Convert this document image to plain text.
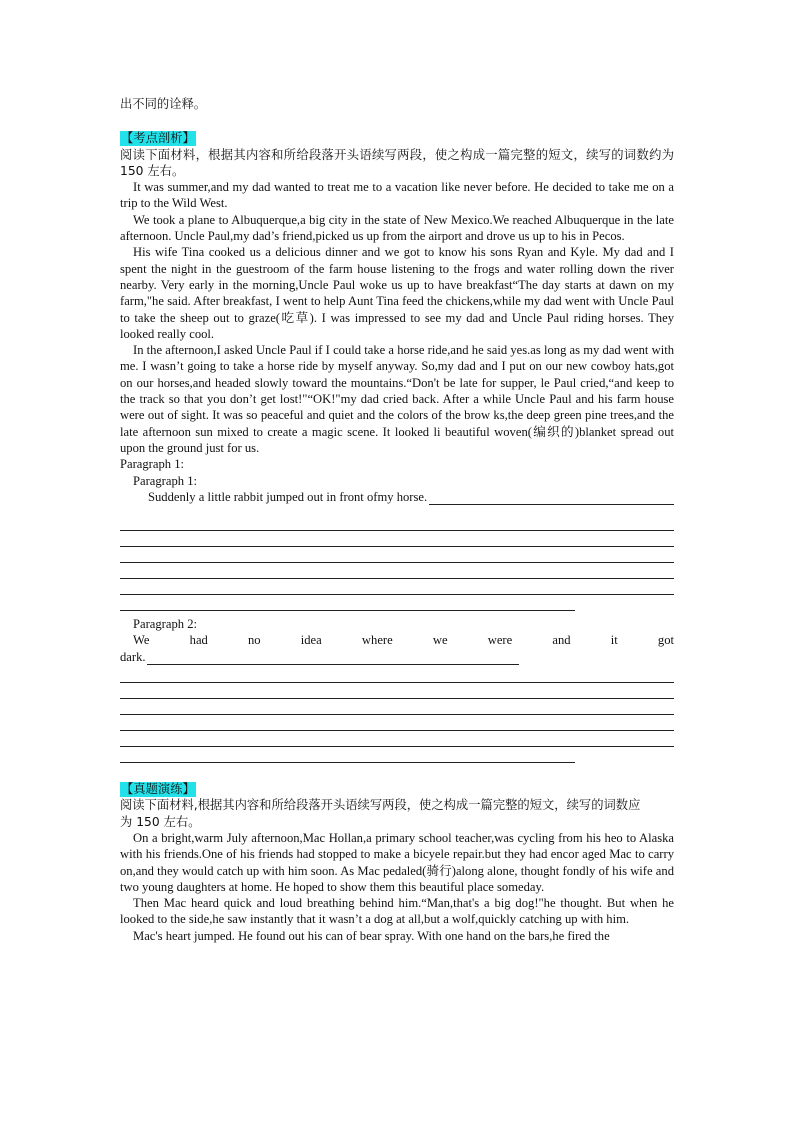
出不同的诠释。

【考点剖析】

阅读下面材料，根据其内容和所给段落开头语续写两段，使之构成一篇完整的短文，续写的词数约为 150 左右。

It was summer,and my dad wanted to treat me to a vacation like never before. He decided to take me on a trip to the Wild West.

We took a plane to Albuquerque,a big city in the state of New Mexico.We reached Albuquerque in the late afternoon. Uncle Paul,my dad’s friend,picked us up from the airport and drove us up to his in Pecos.

His wife Tina cooked us a delicious dinner and we got to know his sons Ryan and Kyle. My dad and I spent the night in the guestroom of the farm house listening to the frogs and water rolling down the river nearby. Very early in the morning,Uncle Paul woke us up to have breakfast“The day starts at dawn on my farm,"he said. After breakfast, I went to help Aunt Tina feed the chickens,while my dad went with Uncle Paul to take the sheep out to graze(吃草). I was impressed to see my dad and Uncle Paul riding horses. They looked really cool.

In the afternoon,I asked Uncle Paul if I could take a horse ride,and he said yes.as long as my dad went with me. I wasn’t going to take a horse ride by myself anyway. So,my dad and I put on our new cowboy hats,got on our horses,and headed slowly toward the mountains.“Don't be late for supper, le Paul cried,“and keep to the track so that you don’t get lost!"“OK!"my dad cried back. After a while Uncle Paul and his farm house were out of sight. It was so peaceful and quiet and the colors of the brow ks,the deep green pine trees,and the late afternoon sun mixed to create a magic scene. It looked li beautiful woven(编织的)blanket spread out upon the ground just for us.

Paragraph 1:

Paragraph 1:

Suddenly a little rabbit jumped out in front ofmy horse.

Paragraph 2:

We	had	no	idea	where	we	were	and	it	got
dark.
【真题演练】

阅读下面材料,根据其内容和所给段落开头语续写两段，使之构成一篇完整的短文，续写的词数应

为 150 左右。

On a bright,warm July afternoon,Mac Hollan,a primary school teacher,was cycling from his heo to Alaska with his friends.One of his friends had stopped to make a bicyele repair.but they had encor aged Mac to carry on,and they would catch up with him soon. As Mac pedaled(骑行)along alone, thought fondly of his wife and two young daughters at home. He hoped to show them this beautiful place someday.

Then Mac heard quick and loud breathing behind him.“Man,that's a big dog!"he thought. But when he looked to the side,he saw instantly that it wasn’t a dog at all,but a wolf,quickly catching up with him.

Mac's heart jumped. He found out his can of bear spray. With one hand on the bars,he fired the
